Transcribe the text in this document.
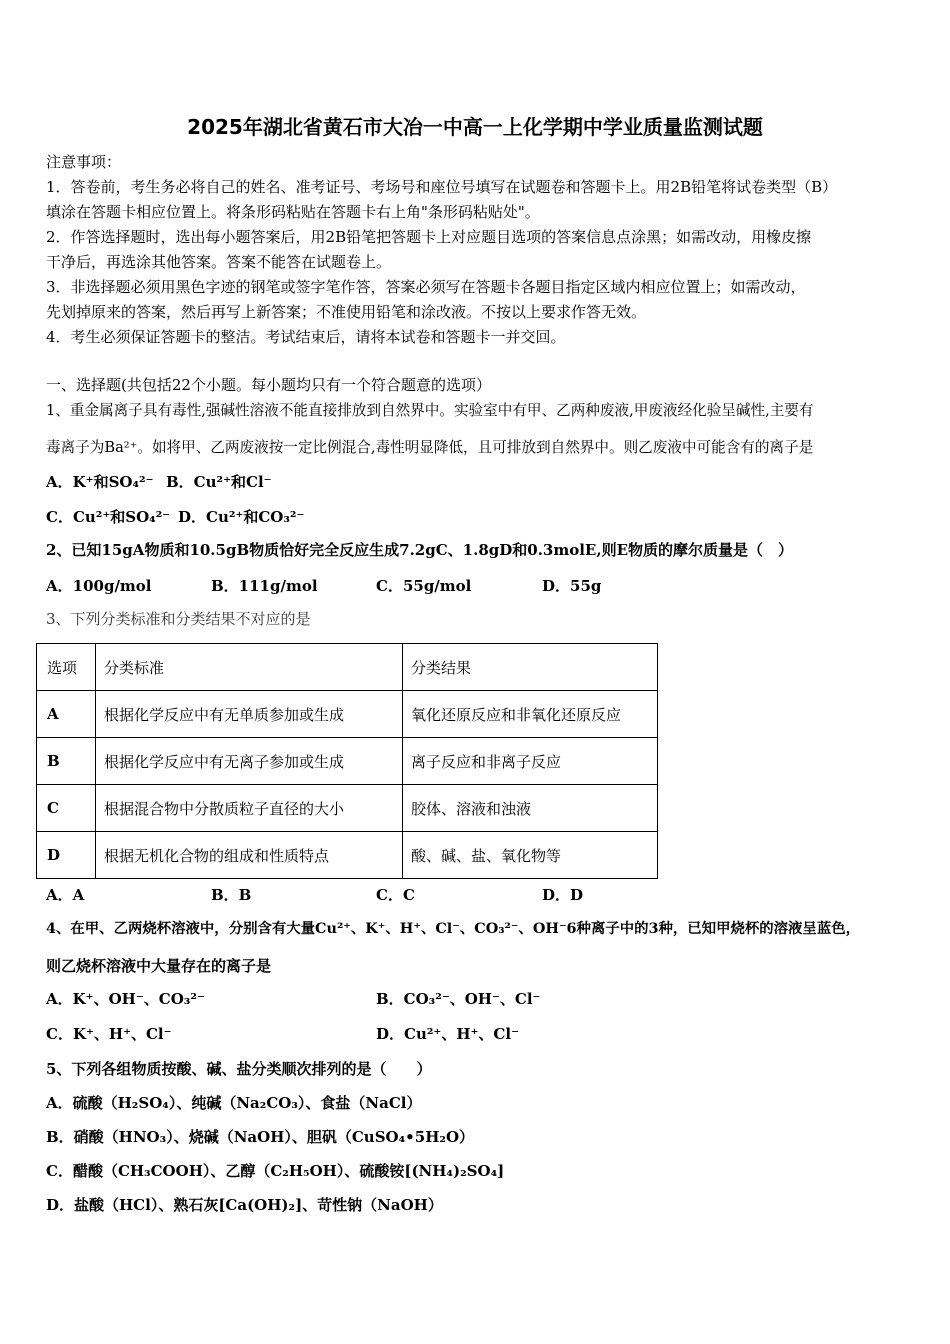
2025年湖北省黄石市大冶一中高一上化学期中学业质量监测试题
注意事项：
1．答卷前，考生务必将自己的姓名、准考证号、考场号和座位号填写在试题卷和答题卡上。用2B铅笔将试卷类型（B）
填涂在答题卡相应位置上。将条形码粘贴在答题卡右上角"条形码粘贴处"。
2．作答选择题时，选出每小题答案后，用2B铅笔把答题卡上对应题目选项的答案信息点涂黑；如需改动，用橡皮擦
干净后，再选涂其他答案。答案不能答在试题卷上。
3．非选择题必须用黑色字迹的钢笔或签字笔作答，答案必须写在答题卡各题目指定区域内相应位置上；如需改动，
先划掉原来的答案，然后再写上新答案；不准使用铅笔和涂改液。不按以上要求作答无效。
4．考生必须保证答题卡的整洁。考试结束后，请将本试卷和答题卡一并交回。
一、选择题(共包括22个小题。每小题均只有一个符合题意的选项）
1、重金属离子具有毒性,强碱性溶液不能直接排放到自然界中。实验室中有甲、乙两种废液,甲废液经化验呈碱性,主要有
毒离子为Ba²⁺。如将甲、乙两废液按一定比例混合,毒性明显降低，且可排放到自然界中。则乙废液中可能含有的离子是
A．K⁺和SO₄²⁻ B．Cu²⁺和Cl⁻
C．Cu²⁺和SO₄²⁻ D．Cu²⁺和CO₃²⁻
2、已知15gA物质和10.5gB物质恰好完全反应生成7.2gC、1.8gD和0.3molE,则E物质的摩尔质量是（　）
A．100g/mol	B．111g/mol	C．55g/mol	D．55g
3、下列分类标准和分类结果不对应的是
选项	分类标准	分类结果
A	根据化学反应中有无单质参加或生成	氧化还原反应和非氧化还原反应
B	根据化学反应中有无离子参加或生成	离子反应和非离子反应
C	根据混合物中分散质粒子直径的大小	胶体、溶液和浊液
D	根据无机化合物的组成和性质特点	酸、碱、盐、氧化物等
A．A	B．B	C．C	D．D
4、在甲、乙两烧杯溶液中，分别含有大量Cu²⁺、K⁺、H⁺、Cl⁻、CO₃²⁻、OH⁻6种离子中的3种，已知甲烧杯的溶液呈蓝色，
则乙烧杯溶液中大量存在的离子是
A．K⁺、OH⁻、CO₃²⁻	B．CO₃²⁻、OH⁻、Cl⁻
C．K⁺、H⁺、Cl⁻	D．Cu²⁺、H⁺、Cl⁻
5、下列各组物质按酸、碱、盐分类顺次排列的是（　　）
A．硫酸（H₂SO₄）、纯碱（Na₂CO₃）、食盐（NaCl）
B．硝酸（HNO₃）、烧碱（NaOH）、胆矾（CuSO₄•5H₂O）
C．醋酸（CH₃COOH）、乙醇（C₂H₅OH）、硫酸铵[(NH₄)₂SO₄]
D．盐酸（HCl）、熟石灰[Ca(OH)₂]、苛性钠（NaOH）
